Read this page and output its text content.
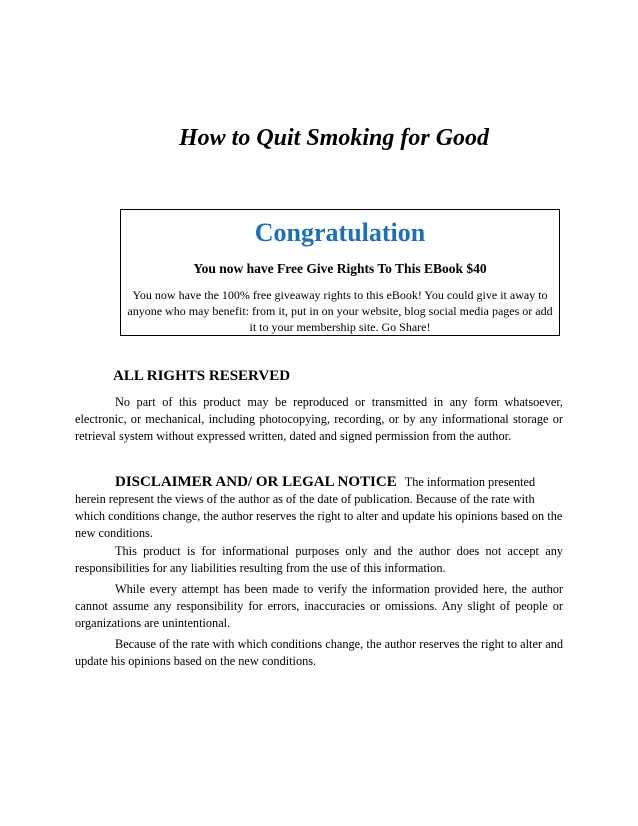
How to Quit Smoking for Good
Congratulation
You now have Free Give Rights To This EBook $40
You now have the 100% free giveaway rights to this eBook! You could give it away to anyone who may benefit: from it, put in on your website, blog social media pages or add it to your membership site. Go Share!
ALL RIGHTS RESERVED

No part of this product may be reproduced or transmitted in any form whatsoever, electronic, or mechanical, including photocopying, recording, or by any informational storage or retrieval system without expressed written, dated and signed permission from the author.

DISCLAIMER AND/ OR LEGAL NOTICE The information presented herein represent the views of the author as of the date of publication. Because of the rate with which conditions change, the author reserves the right to alter and update his opinions based on the new conditions.

This product is for informational purposes only and the author does not accept any responsibilities for any liabilities resulting from the use of this information.

While every attempt has been made to verify the information provided here, the author cannot assume any responsibility for errors, inaccuracies or omissions. Any slight of people or organizations are unintentional.

Because of the rate with which conditions change, the author reserves the right to alter and update his opinions based on the new conditions.
